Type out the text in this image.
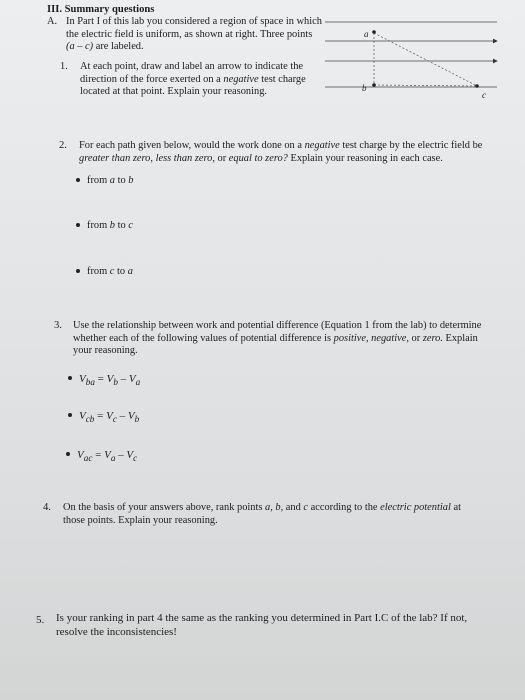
III. Summary questions
A. In Part I of this lab you considered a region of space in which
the electric field is uniform, as shown at right. Three points
(a – c) are labeled.
1. At each point, draw and label an arrow to indicate the
direction of the force exerted on a negative test charge
located at that point. Explain your reasoning.
a
b
c
2. For each path given below, would the work done on a negative test charge by the electric field be
greater than zero, less than zero, or equal to zero? Explain your reasoning in each case.
from a to b
from b to c
from c to a
3. Use the relationship between work and potential difference (Equation 1 from the lab) to determine
whether each of the following values of potential difference is positive, negative, or zero. Explain
your reasoning.
$V_{ba} = V_b - V_a$
$V_{cb} = V_c - V_b$
$V_{ac} = V_a - V_c$
4. On the basis of your answers above, rank points a, b, and c according to the electric potential at
those points. Explain your reasoning.
5. Is your ranking in part 4 the same as the ranking you determined in Part I.C of the lab? If not,
resolve the inconsistencies!
